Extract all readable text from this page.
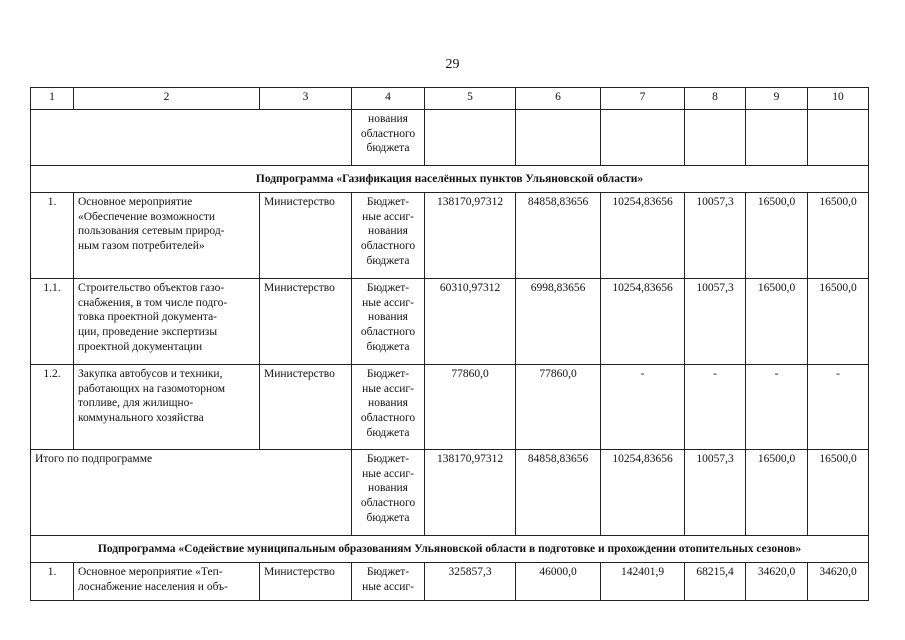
29
1	2	3	4	5	6	7	8	9	10

			нования
областного
бюджета						

Подпрограмма «Газификация населённых пунктов Ульяновской области»									
1.	Основное мероприятие
«Обеспечение возможности
пользования сетевым природ-
ным газом потребителей»	Министерство	Бюджет-
ные ассиг-
нования
областного
бюджета	138170,97312	84858,83656	10254,83656	10057,3	16500,0	16500,0
1.1.	Строительство объектов газо-
снабжения, в том числе подго-
товка проектной документа-
ции, проведение экспертизы
проектной документации	Министерство	Бюджет-
ные ассиг-
нования
областного
бюджета	60310,97312	6998,83656	10254,83656	10057,3	16500,0	16500,0
1.2.	Закупка автобусов и техники,
работающих на газомоторном
топливе, для жилищно-
коммунального хозяйства	Министерство	Бюджет-
ные ассиг-
нования
областного
бюджета	77860,0	77860,0	-	-	-	-
Итого по подпрограмме			Бюджет-
ные ассиг-
нования
областного
бюджета	138170,97312	84858,83656	10254,83656	10057,3	16500,0	16500,0
Подпрограмма «Содействие муниципальным образованиям Ульяновской области в подготовке и прохождении отопительных сезонов»									
1.	Основное мероприятие «Теп-
лоснабжение населения и объ-	Министерство	Бюджет-
ные ассиг-	325857,3	46000,0	142401,9	68215,4	34620,0	34620,0
